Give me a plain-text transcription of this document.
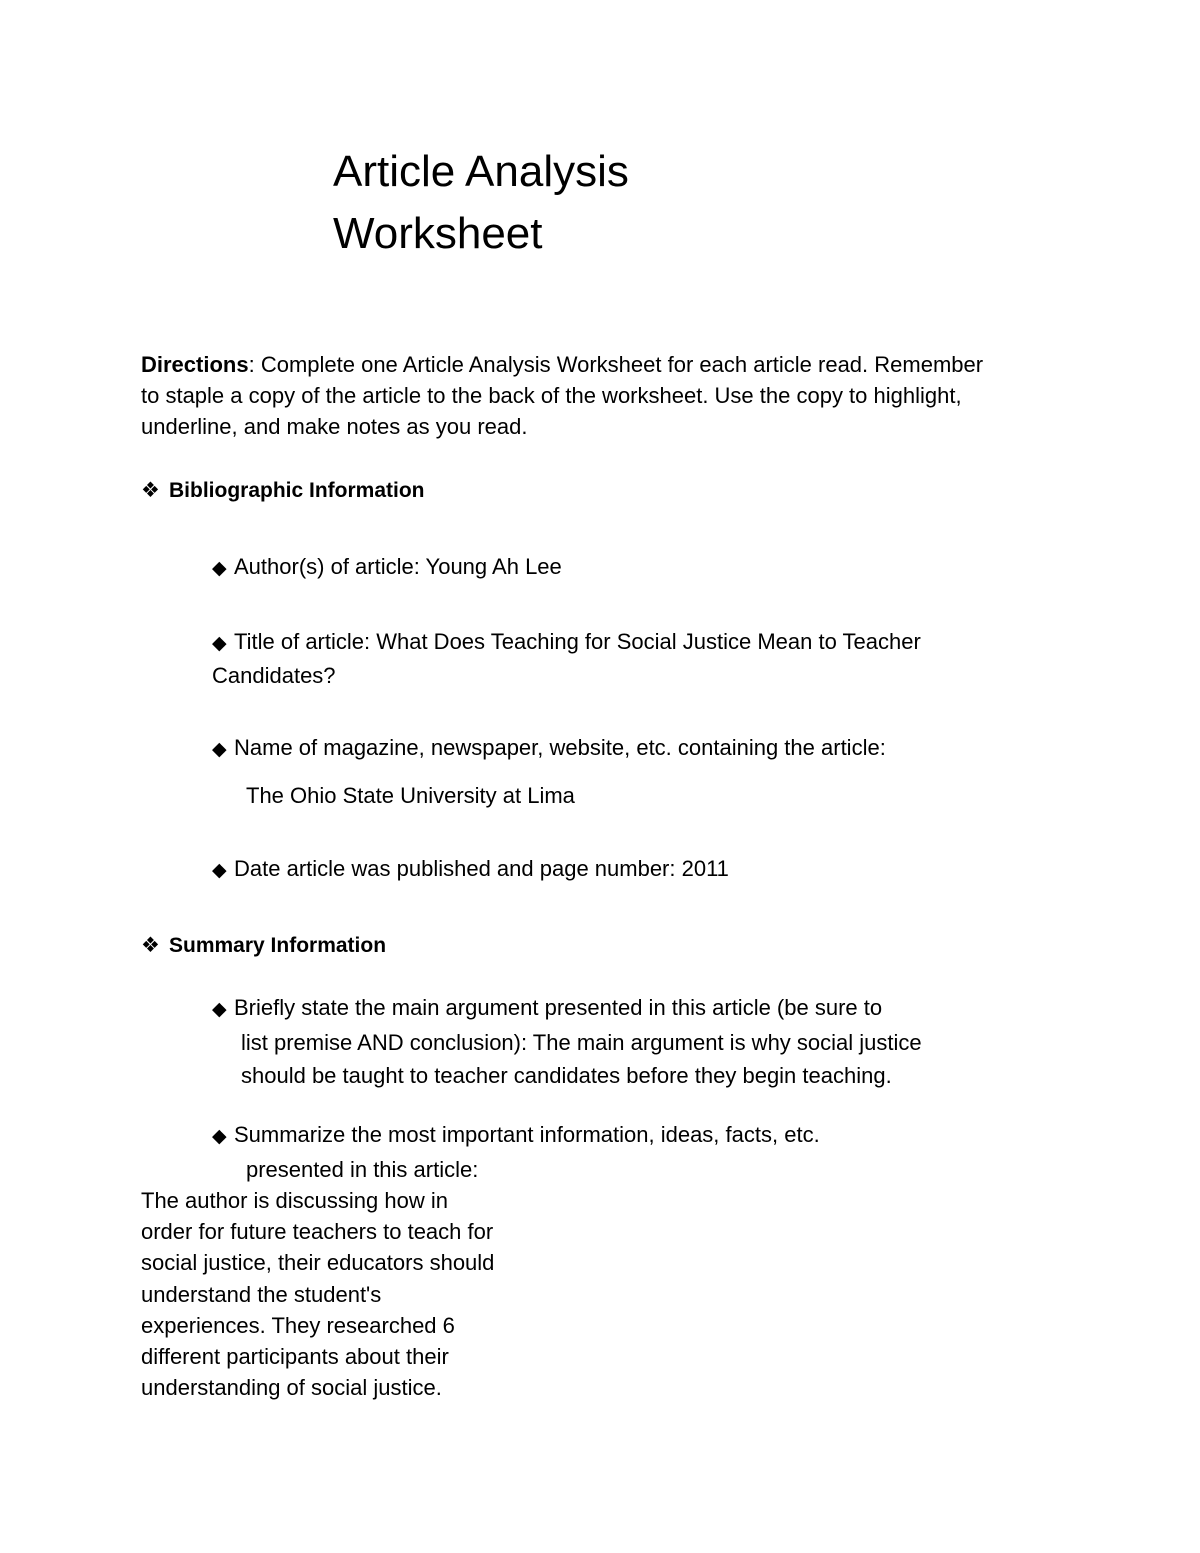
Article Analysis
Worksheet
Directions: Complete one Article Analysis Worksheet for each article read. Remember
to staple a copy of the article to the back of the worksheet. Use the copy to highlight,
underline, and make notes as you read.
❖ Bibliographic Information
◆ Author(s) of article: Young Ah Lee
◆ Title of article: What Does Teaching for Social Justice Mean to Teacher
Candidates?
◆ Name of magazine, newspaper, website, etc. containing the article:
The Ohio State University at Lima
◆ Date article was published and page number: 2011
❖ Summary Information
◆ Briefly state the main argument presented in this article (be sure to
list premise AND conclusion): The main argument is why social justice
should be taught to teacher candidates before they begin teaching.
◆ Summarize the most important information, ideas, facts, etc.
presented in this article:
The author is discussing how in
order for future teachers to teach for
social justice, their educators should
understand the student's
experiences. They researched 6
different participants about their
understanding of social justice.
